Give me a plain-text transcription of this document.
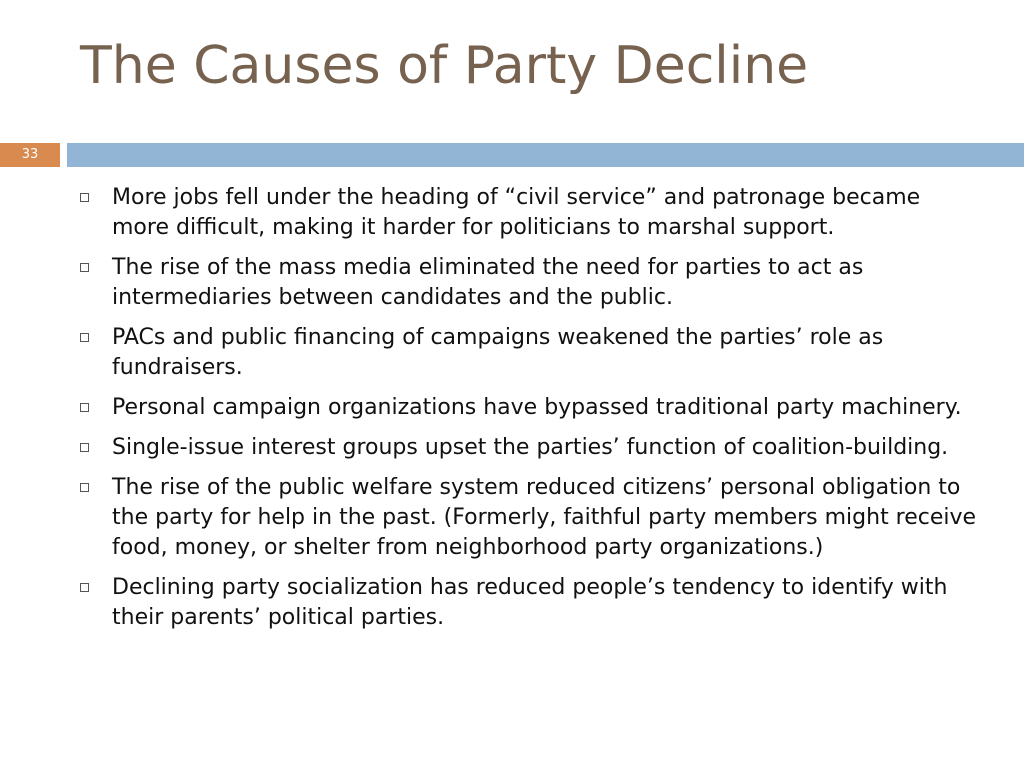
The Causes of Party Decline
33
More jobs fell under the heading of “civil service” and patronage became more difficult, making it harder for politicians to marshal support.
The rise of the mass media eliminated the need for parties to act as intermediaries between candidates and the public.
PACs and public financing of campaigns weakened the parties’ role as fundraisers.
Personal campaign organizations have bypassed traditional party machinery.
Single-issue interest groups upset the parties’ function of coalition-building.
The rise of the public welfare system reduced citizens’ personal obligation to the party for help in the past. (Formerly, faithful party members might receive food, money, or shelter from neighborhood party organizations.)
Declining party socialization has reduced people’s tendency to identify with their parents’ political parties.
